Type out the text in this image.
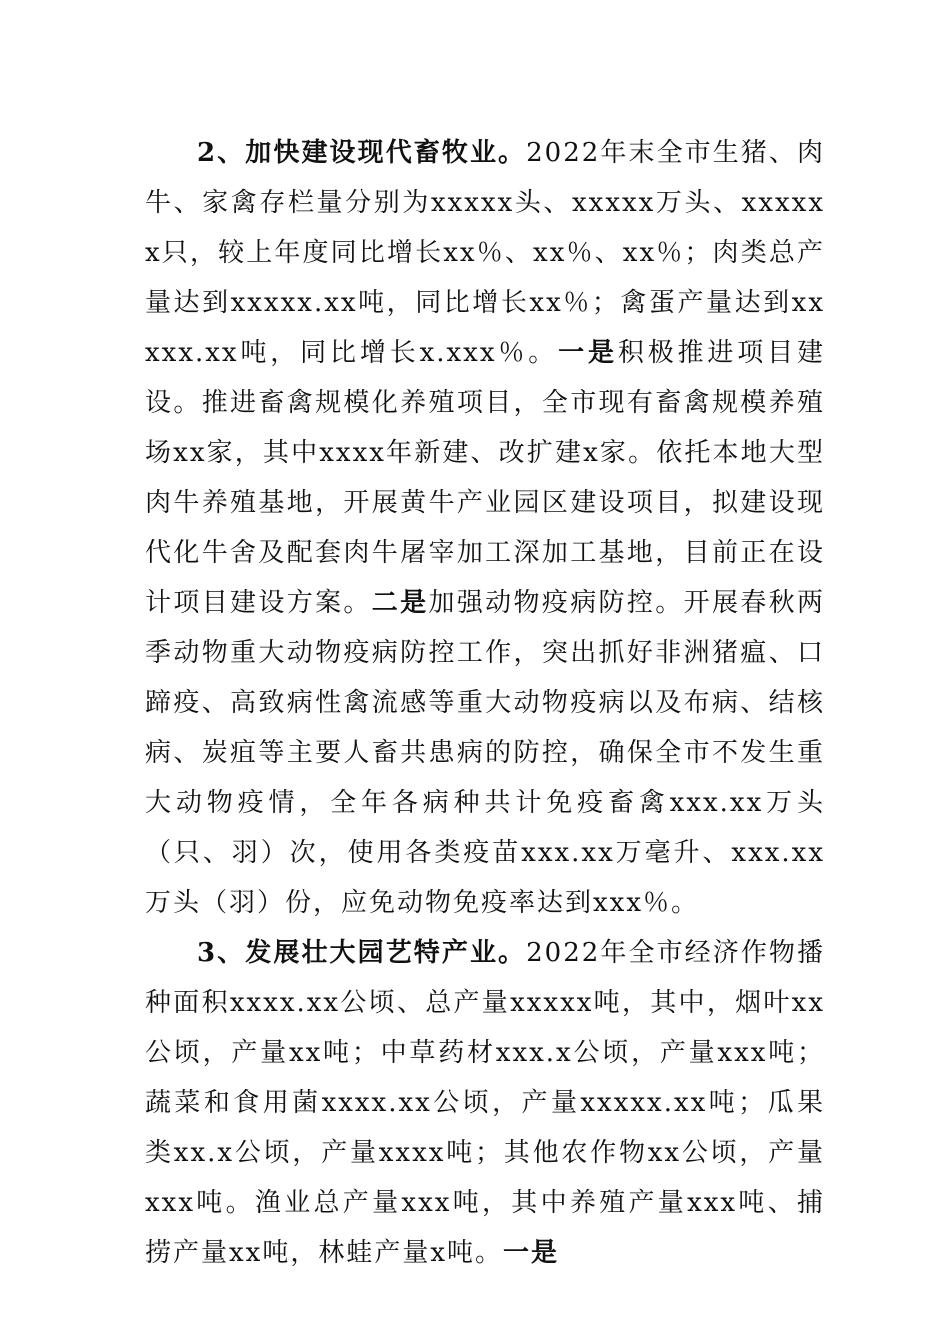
2、加快建设现代畜牧业。2022年末全市生猪、肉牛、家禽存栏量分别为xxxxx头、xxxxx万头、xxxxxx只，较上年度同比增长xx％、xx％、xx％；肉类总产量达到xxxxx.xx吨，同比增长xx％；禽蛋产量达到xxxxx.xx吨，同比增长x.xxx％。一是积极推进项目建设。推进畜禽规模化养殖项目，全市现有畜禽规模养殖场xx家，其中xxxx年新建、改扩建x家。依托本地大型肉牛养殖基地，开展黄牛产业园区建设项目，拟建设现代化牛舍及配套肉牛屠宰加工深加工基地，目前正在设计项目建设方案。二是加强动物疫病防控。开展春秋两季动物重大动物疫病防控工作，突出抓好非洲猪瘟、口蹄疫、高致病性禽流感等重大动物疫病以及布病、结核病、炭疽等主要人畜共患病的防控，确保全市不发生重大动物疫情，全年各病种共计免疫畜禽xxx.xx万头（只、羽）次，使用各类疫苗xxx.xx万毫升、xxx.xx万头（羽）份，应免动物免疫率达到xxx％。

3、发展壮大园艺特产业。2022年全市经济作物播种面积xxxx.xx公顷、总产量xxxxx吨，其中，烟叶xx公顷，产量xx吨；中草药材xxx.x公顷，产量xxx吨；蔬菜和食用菌xxxx.xx公顷，产量xxxxx.xx吨；瓜果类xx.x公顷，产量xxxx吨；其他农作物xx公顷，产量xxx吨。渔业总产量xxx吨，其中养殖产量xxx吨、捕捞产量xx吨，林蛙产量x吨。一是
